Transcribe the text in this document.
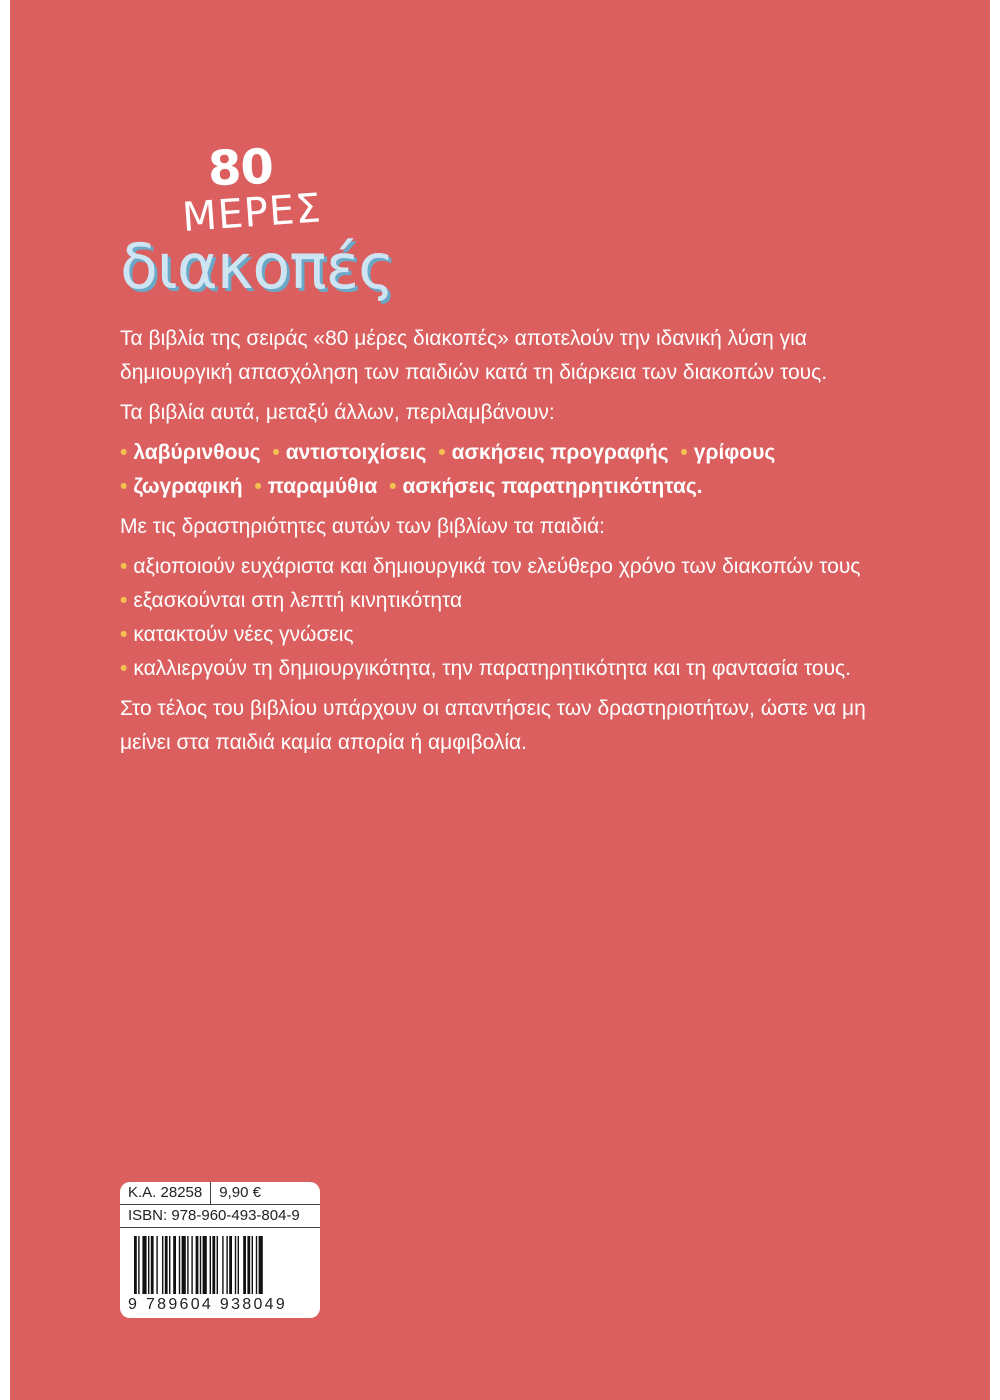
80
ΜΕΡΕΣ
διακοπές

Τα βιβλία της σειράς «80 μέρες διακοπές» αποτελούν την ιδανική λύση για δημιουργική απασχόληση των παιδιών κατά τη διάρκεια των διακοπών τους.

Τα βιβλία αυτά, μεταξύ άλλων, περιλαμβάνουν:

• λαβύρινθους • αντιστοιχίσεις • ασκήσεις προγραφής • γρίφους
• ζωγραφική • παραμύθια • ασκήσεις παρατηρητικότητας.

Με τις δραστηριότητες αυτών των βιβλίων τα παιδιά:

• αξιοποιούν ευχάριστα και δημιουργικά τον ελεύθερο χρόνο των διακοπών τους
• εξασκούνται στη λεπτή κινητικότητα
• κατακτούν νέες γνώσεις
• καλλιεργούν τη δημιουργικότητα, την παρατηρητικότητα και τη φαντασία τους.

Στο τέλος του βιβλίου υπάρχουν οι απαντήσεις των δραστηριοτήτων, ώστε να μη μείνει στα παιδιά καμία απορία ή αμφιβολία.

Κ.Α. 28258	9,90 €
ISBN: 978-960-493-804-9
9 789604 938049
